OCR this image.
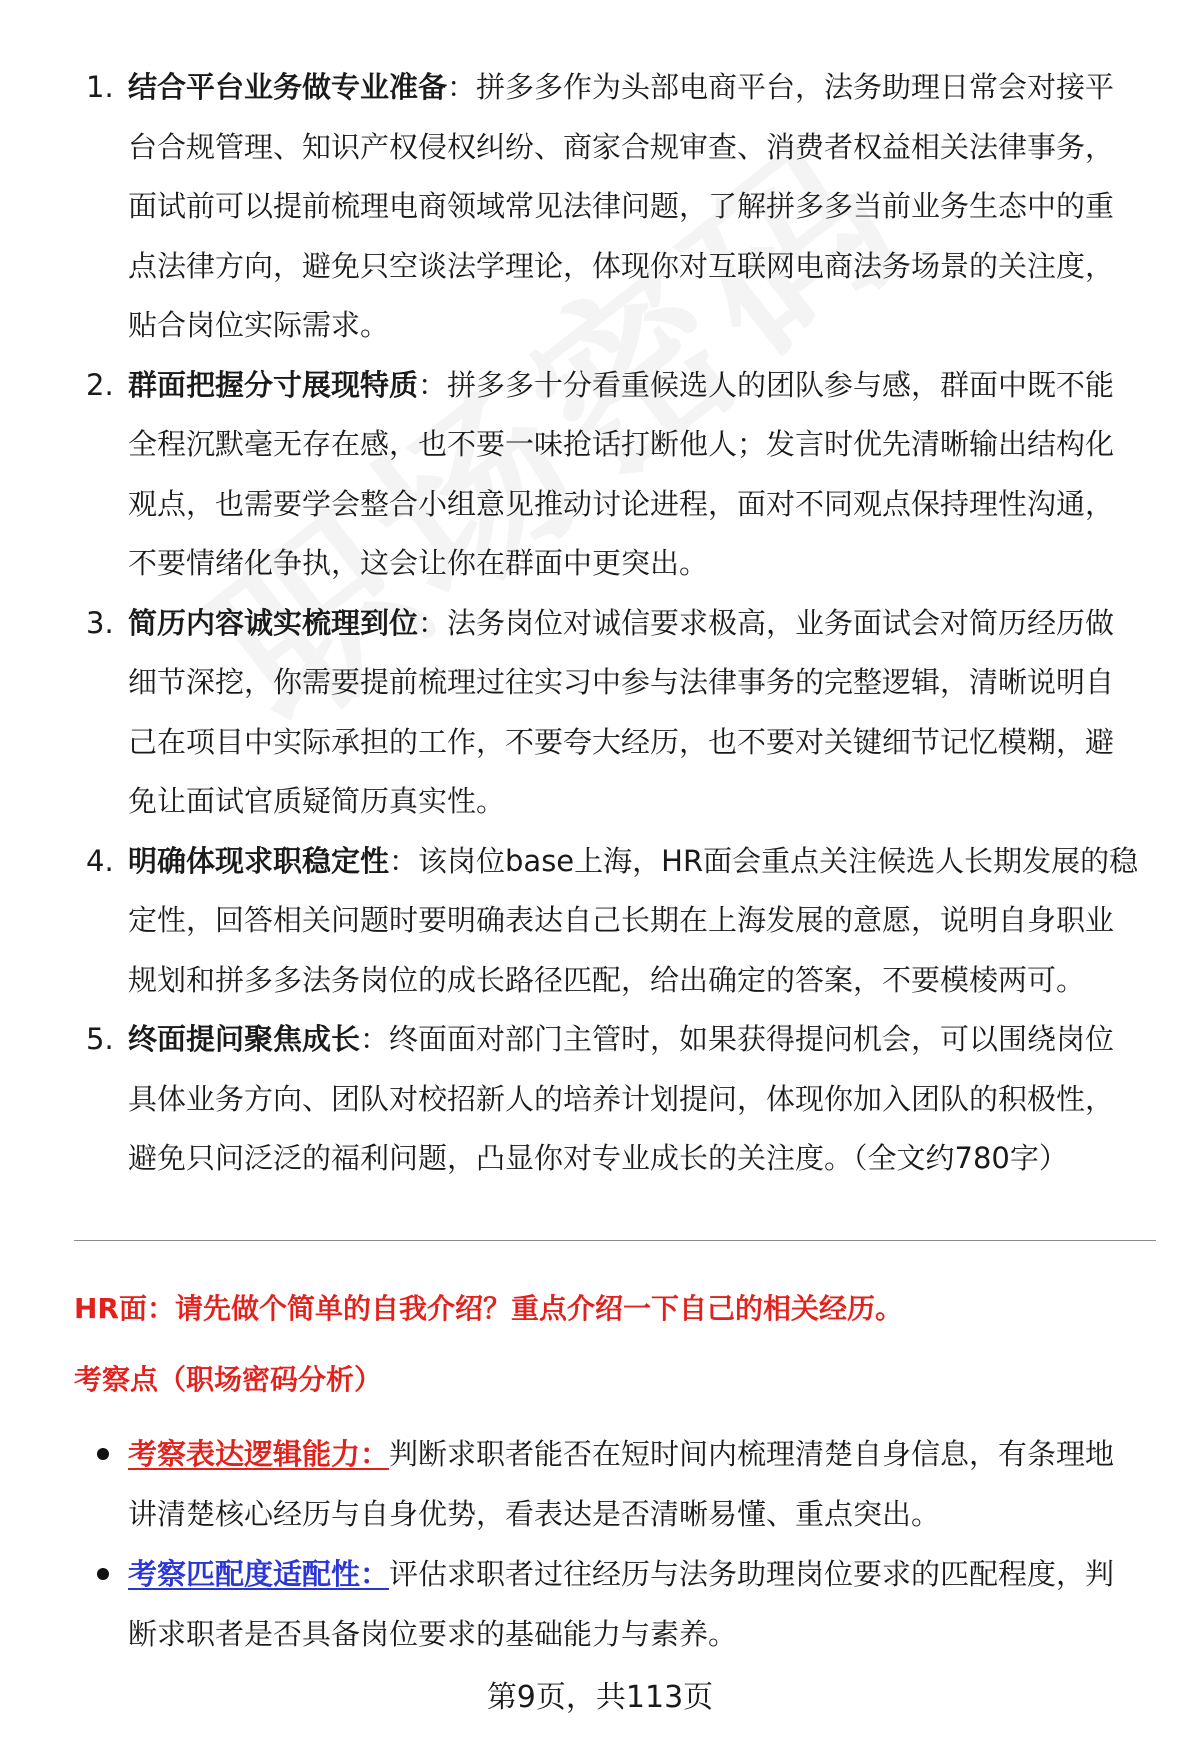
1. 结合平台业务做专业准备：拼多多作为头部电商平台，法务助理日常会对接平台合规管理、知识产权侵权纠纷、商家合规审查、消费者权益相关法律事务，面试前可以提前梳理电商领域常见法律问题，了解拼多多当前业务生态中的重点法律方向，避免只空谈法学理论，体现你对互联网电商法务场景的关注度，贴合岗位实际需求。
2. 群面把握分寸展现特质：拼多多十分看重候选人的团队参与感，群面中既不能全程沉默毫无存在感，也不要一味抢话打断他人；发言时优先清晰输出结构化观点，也需要学会整合小组意见推动讨论进程，面对不同观点保持理性沟通，不要情绪化争执，这会让你在群面中更突出。
3. 简历内容诚实梳理到位：法务岗位对诚信要求极高，业务面试会对简历经历做细节深挖，你需要提前梳理过往实习中参与法律事务的完整逻辑，清晰说明自己在项目中实际承担的工作，不要夸大经历，也不要对关键细节记忆模糊，避免让面试官质疑简历真实性。
4. 明确体现求职稳定性：该岗位base上海，HR面会重点关注候选人长期发展的稳定性，回答相关问题时要明确表达自己长期在上海发展的意愿，说明自身职业规划和拼多多法务岗位的成长路径匹配，给出确定的答案，不要模棱两可。
5. 终面提问聚焦成长：终面面对部门主管时，如果获得提问机会，可以围绕岗位具体业务方向、团队对校招新人的培养计划提问，体现你加入团队的积极性，避免只问泛泛的福利问题，凸显你对专业成长的关注度。（全文约780字）
HR面：请先做个简单的自我介绍？重点介绍一下自己的相关经历。
考察点（职场密码分析）
考察表达逻辑能力：判断求职者能否在短时间内梳理清楚自身信息，有条理地讲清楚核心经历与自身优势，看表达是否清晰易懂、重点突出。
考察匹配度适配性：评估求职者过往经历与法务助理岗位要求的匹配程度，判断求职者是否具备岗位要求的基础能力与素养。
第9页，共113页
